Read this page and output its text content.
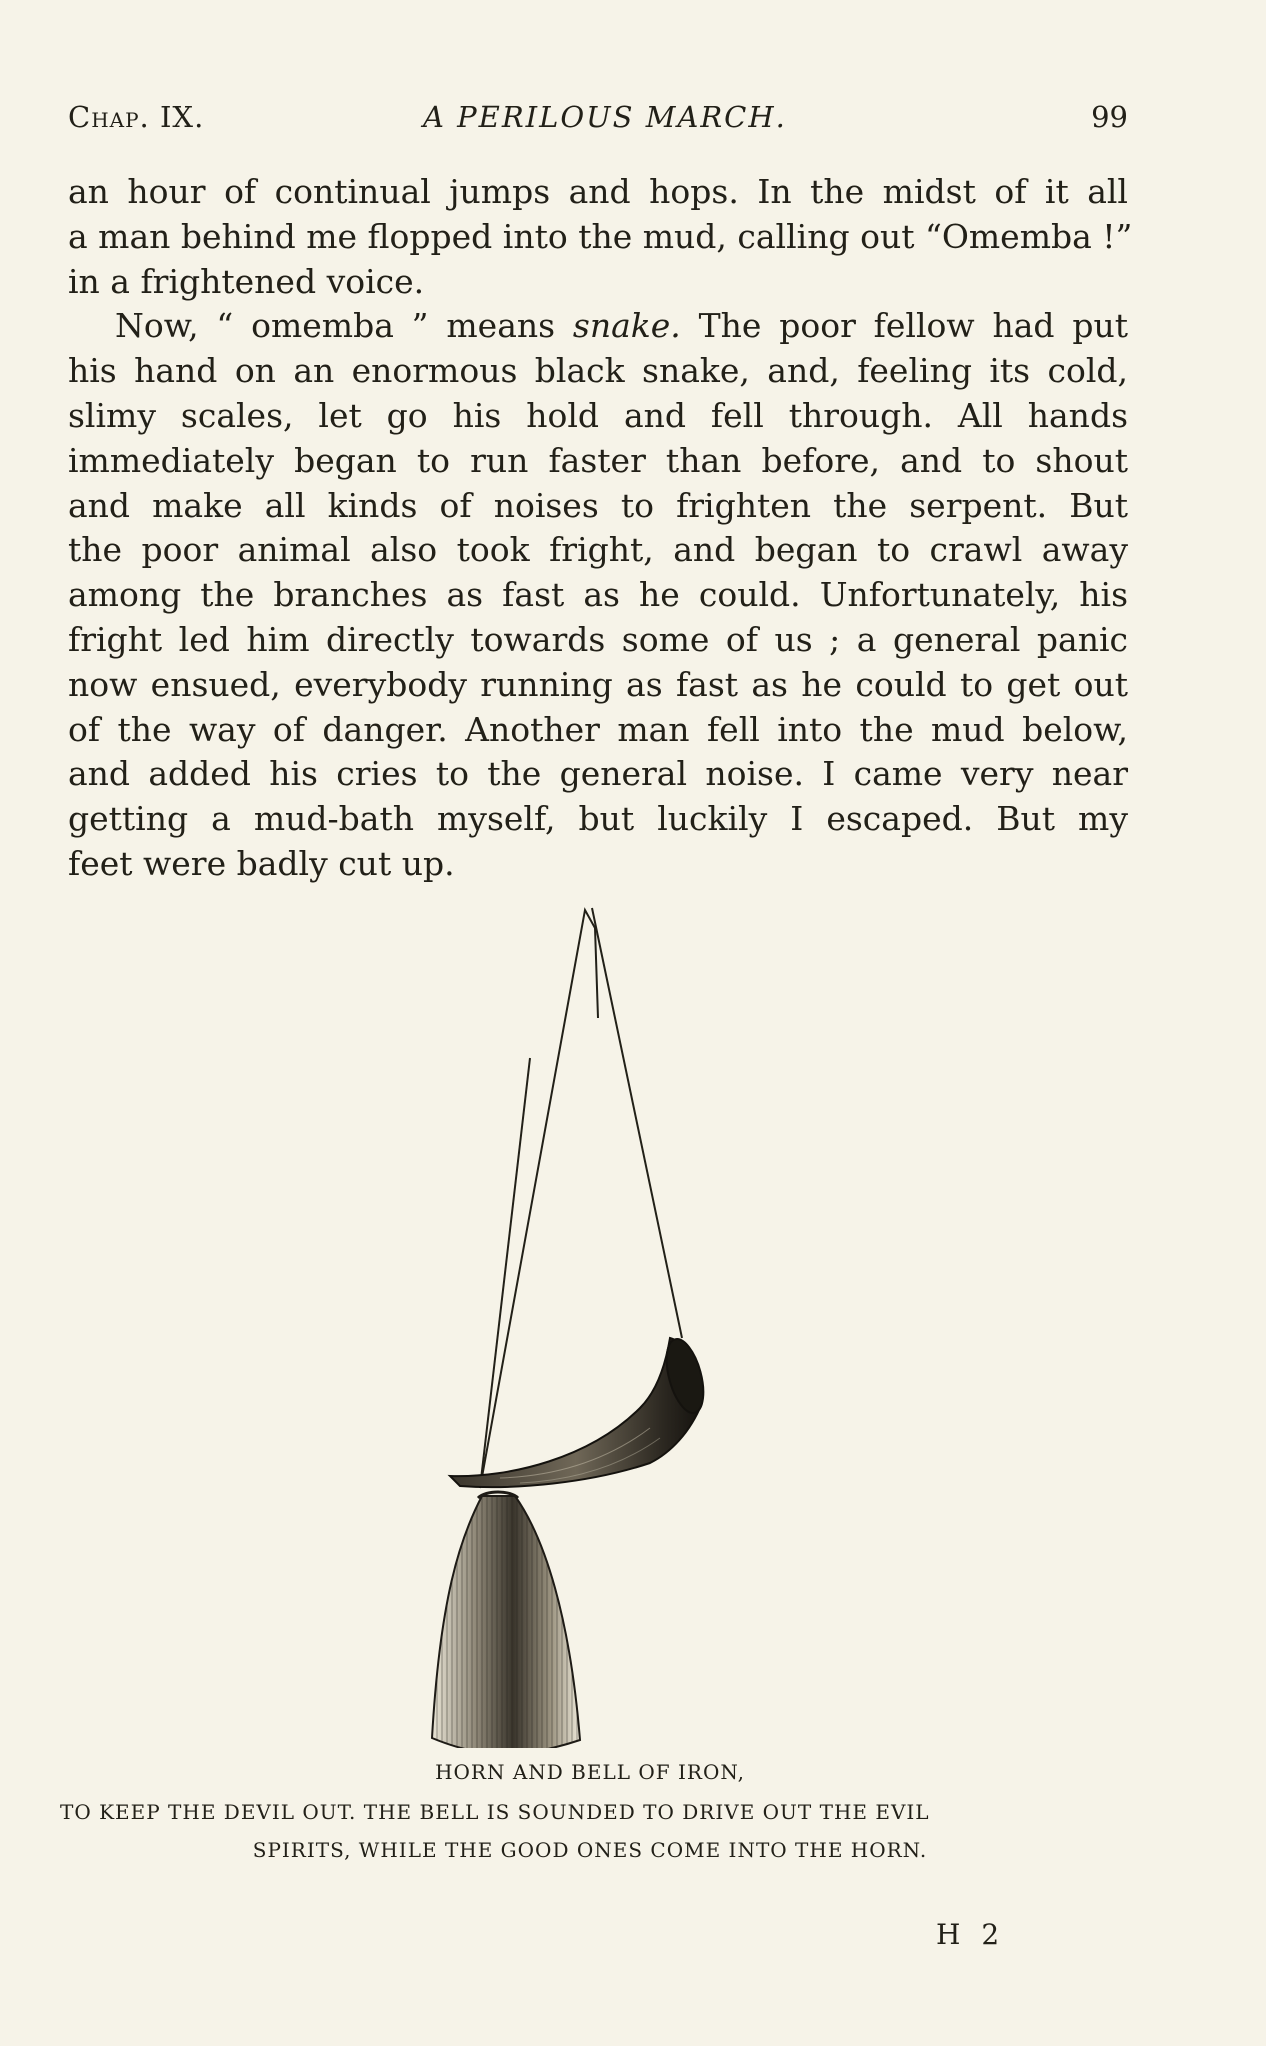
Chap. IX.	A PERILOUS MARCH.	99
an hour of continual jumps and hops. In the midst of it all
a man behind me flopped into the mud, calling out “Omemba !”
in a frightened voice.
Now, “ omemba ” means snake. The poor fellow had put
his hand on an enormous black snake, and, feeling its cold,
slimy scales, let go his hold and fell through. All hands
immediately began to run faster than before, and to shout
and make all kinds of noises to frighten the serpent. But
the poor animal also took fright, and began to crawl away
among the branches as fast as he could. Unfortunately, his
fright led him directly towards some of us ; a general panic
now ensued, everybody running as fast as he could to get out
of the way of danger. Another man fell into the mud below,
and added his cries to the general noise. I came very near
getting a mud-bath myself, but luckily I escaped. But my
feet were badly cut up.
HORN AND BELL OF IRON,
TO KEEP THE DEVIL OUT. THE BELL IS SOUNDED TO DRIVE OUT THE EVIL
SPIRITS, WHILE THE GOOD ONES COME INTO THE HORN.
H 2
